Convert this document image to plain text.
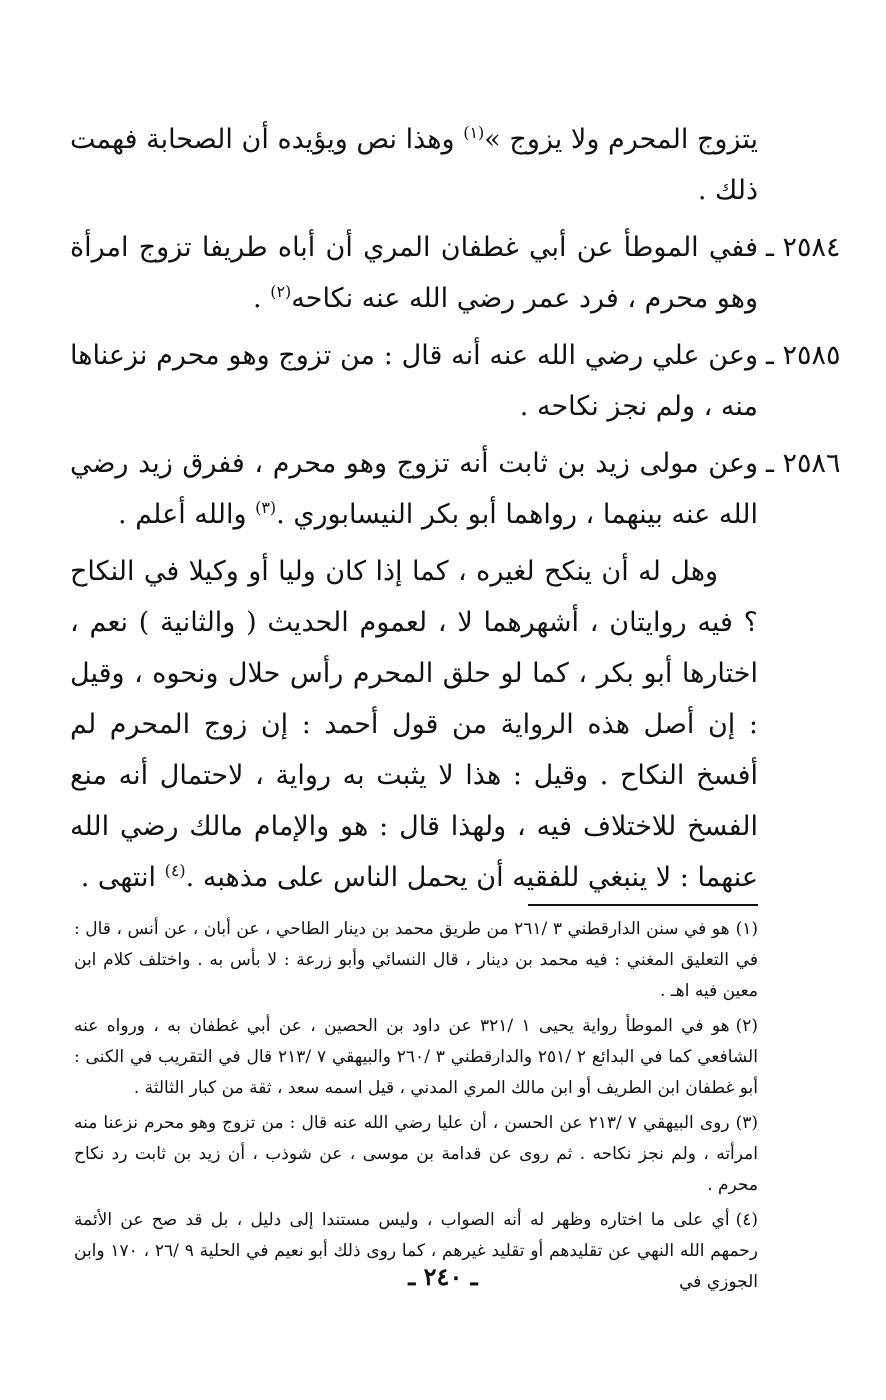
يتزوج المحرم ولا يزوج »$^{(١)}$ وهذا نص ويؤيده أن الصحابة فهمت ذلك .

٢٥٨٤ ـ
ففي الموطأ عن أبي غطفان المري أن أباه طريفا تزوج امرأة وهو محرم ، فرد عمر رضي الله عنه نكاحه$^{(٢)}$ .
٢٥٨٥ ـ
وعن علي رضي الله عنه أنه قال : من تزوج وهو محرم نزعناها منه ، ولم نجز نكاحه .
٢٥٨٦ ـ
وعن مولى زيد بن ثابت أنه تزوج وهو محرم ، ففرق زيد رضي الله عنه بينهما ، رواهما أبو بكر النيسابوري .$^{(٣)}$ والله أعلم .

وهل له أن ينكح لغيره ، كما إذا كان وليا أو وكيلا في النكاح ؟ فيه روايتان ، أشهرهما لا ، لعموم الحديث ( والثانية ) نعم ، اختارها أبو بكر ، كما لو حلق المحرم رأس حلال ونحوه ، وقيل : إن أصل هذه الرواية من قول أحمد : إن زوج المحرم لم أفسخ النكاح . وقيل : هذا لا يثبت به رواية ، لاحتمال أنه منع الفسخ للاختلاف فيه ، ولهذا قال : هو والإمام مالك رضي الله عنهما : لا ينبغي للفقيه أن يحمل الناس على مذهبه .$^{(٤)}$ انتهى .

(١)هو في سنن الدارقطني ٣ /٢٦١ من طريق محمد بن دينار الطاحي ، عن أبان ، عن أنس ، قال : في التعليق المغني : فيه محمد بن دينار ، قال النسائي وأبو زرعة : لا بأس به . واختلف كلام ابن معين فيه اهـ .

(٢)هو في الموطأ رواية يحيى ١ /٣٢١ عن داود بن الحصين ، عن أبي غطفان به ، ورواه عنه الشافعي كما في البدائع ٢ /٢٥١ والدارقطني ٣ /٢٦٠ والبيهقي ٧ /٢١٣ قال في التقريب في الكنى : أبو غطفان ابن الطريف أو ابن مالك المري المدني ، قيل اسمه سعد ، ثقة من كبار الثالثة .

(٣)روى البيهقي ٧ /٢١٣ عن الحسن ، أن عليا رضي الله عنه قال : من تزوج وهو محرم نزعنا منه امرأته ، ولم نجز نكاحه . ثم روى عن قدامة بن موسى ، عن شوذب ، أن زيد بن ثابت رد نكاح محرم .

(٤)أي على ما اختاره وظهر له أنه الصواب ، وليس مستندا إلى دليل ، بل قد صح عن الأئمة رحمهم الله النهي عن تقليدهم أو تقليد غيرهم ، كما روى ذلك أبو نعيم في الحلية ٩ /٢٦ ، ١٧٠ وابن الجوزي في

ـ ٢٤٠ ـ
